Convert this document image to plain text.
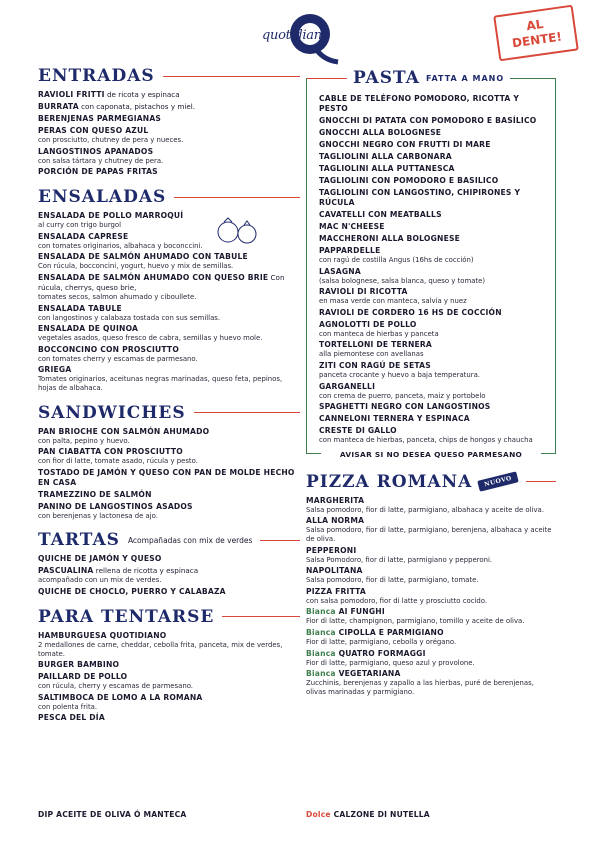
quotidiano
AL
DENTE!
ENTRADAS
RAVIOLI FRITTI de ricota y espinaca
BURRATA con caponata, pistachos y miel.
BERENJENAS PARMEGIANAS
PERAS CON QUESO AZUL
con prosciutto, chutney de pera y nueces.
LANGOSTINOS APANADOS
con salsa tártara y chutney de pera.
PORCIÓN DE PAPAS FRITAS
ENSALADAS
ENSALADA DE POLLO MARROQUÍ
al curry con trigo burgol
ENSALADA CAPRESE
con tomates originarios, albahaca y boconccini.
ENSALADA DE SALMÓN AHUMADO CON TABULE
Con rúcula, bocconcini, yogurt, huevo y mix de semillas.
ENSALADA DE SALMÓN AHUMADO CON QUESO BRIE Con rúcula, cherrys, queso brie,
tomates secos, salmon ahumado y ciboullete.
ENSALADA TABULE
con langostinos y calabaza tostada con sus semillas.
ENSALADA DE QUINOA
vegetales asados, queso fresco de cabra, semillas y huevo mole.
BOCCONCINO CON PROSCIUTTO
con tomates cherry y escamas de parmesano.
GRIEGA
Tomates originarios, aceitunas negras marinadas, queso feta, pepinos, hojas de albahaca.
SANDWICHES
PAN BRIOCHE CON SALMÓN AHUMADO
con palta, pepino y huevo.
PAN CIABATTA CON PROSCIUTTO
con fior di latte, tomate asado, rúcula y pesto.
TOSTADO DE JAMÓN Y QUESO CON PAN DE MOLDE HECHO EN CASA
TRAMEZZINO DE SALMÓN
PANINO DE LANGOSTINOS ASADOS
con berenjenas y lactonesa de ajo.
TARTAS Acompañadas con mix de verdes
QUICHE DE JAMÓN Y QUESO
PASCUALINA rellena de ricotta y espinaca
acompañado con un mix de verdes.
QUICHE DE CHOCLO, PUERRO Y CALABAZA
PARA TENTARSE
HAMBURGUESA QUOTIDIANO
2 medallones de carne, cheddar, cebolla frita, panceta, mix de verdes, tomate.
BURGER BAMBINO
PAILLARD DE POLLO
con rúcula, cherry y escamas de parmesano.
SALTIMBOCA DE LOMO A LA ROMANA
con polenta frita.
PESCA DEL DÍA
DIP ACEITE DE OLIVA Ó MANTECA
PASTA FATTA A MANO
CABLE DE TELÉFONO POMODORO, RICOTTA Y PESTO
GNOCCHI DI PATATA CON POMODORO E BASÍLICO
GNOCCHI ALLA BOLOGNESE
GNOCCHI NEGRO CON FRUTTI DI MARE
TAGLIOLINI ALLA CARBONARA
TAGLIOLINI ALLA PUTTANESCA
TAGLIOLINI CON POMODORO E BASILICO
TAGLIOLINI CON LANGOSTINO, CHIPIRONES Y RÚCULA
CAVATELLI CON MEATBALLS
MAC N'CHEESE
MACCHERONI ALLA BOLOGNESE
PAPPARDELLE
con ragú de costilla Angus (16hs de cocción)
LASAGNA
(salsa bolognese, salsa blanca, queso y tomate)
RAVIOLI DI RICOTTA
en masa verde con manteca, salvia y nuez
RAVIOLI DE CORDERO 16 HS DE COCCIÓN
AGNOLOTTI DE POLLO
con manteca de hierbas y panceta
TORTELLONI DE TERNERA
alla piemontese con avellanas
ZITI CON RAGÚ DE SETAS
panceta crocante y huevo a baja temperatura.
GARGANELLI
con crema de puerro, panceta, maiz y portobelo
SPAGHETTI NEGRO CON LANGOSTINOS
CANNELONI TERNERA Y ESPINACA
CRESTE DI GALLO
con manteca de hierbas, panceta, chips de hongos y chaucha
AVISAR SI NO DESEA QUESO PARMESANO
PIZZA ROMANA	NUOVO
MARGHERITA
Salsa pomodoro, fior di latte, parmigiano, albahaca y aceite de oliva.
ALLA NORMA
Salsa pomodoro, fior di latte, parmigiano, berenjena, albahaca y aceite de oliva.
PEPPERONI
Salsa Pomodoro, fior di latte, parmigiano y pepperoni.
NAPOLITANA
Salsa pomodoro, fior di latte, parmigiano, tomate.
PIZZA FRITTA
con salsa pomodoro, fior di latte y prosciutto cocido.
Bianca AI FUNGHI
Fior di latte, champignon, parmigiano, tomillo y aceite de oliva.
Bianca CIPOLLA E PARMIGIANO
Fior di latte, parmigiano, cebolla y orégano.
Bianca QUATRO FORMAGGI
Fior di latte, parmigiano, queso azul y provolone.
Bianca VEGETARIANA
Zucchinis, berenjenas y zapallo a las hierbas, puré de berenjenas, olivas marinadas y parmigiano.
Dolce CALZONE DI NUTELLA
